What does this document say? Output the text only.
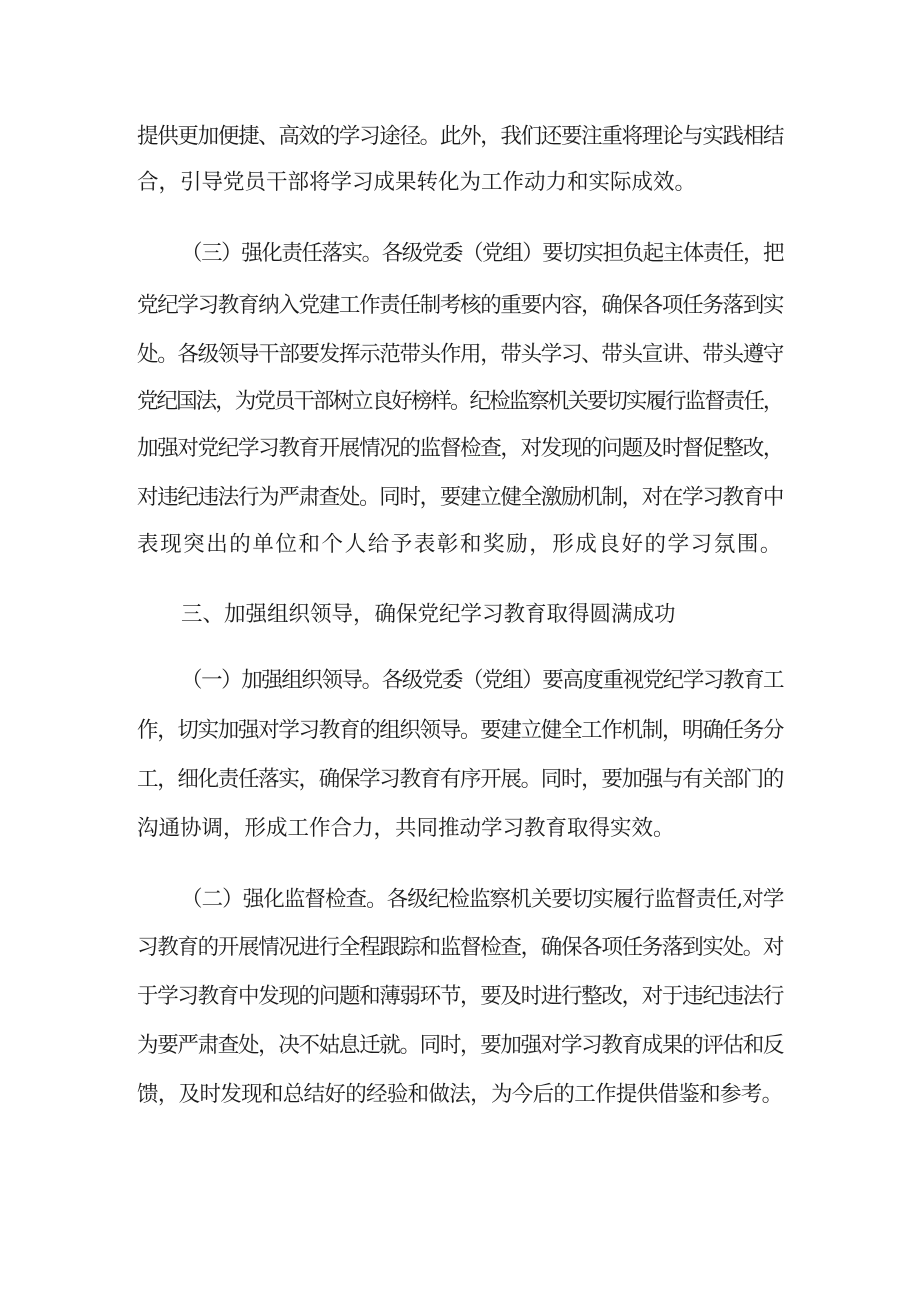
提供更加便捷、高效的学习途径。此外，我们还要注重将理论与实践相结
合，引导党员干部将学习成果转化为工作动力和实际成效。
（三）强化责任落实。各级党委（党组）要切实担负起主体责任，把
党纪学习教育纳入党建工作责任制考核的重要内容，确保各项任务落到实
处。各级领导干部要发挥示范带头作用，带头学习、带头宣讲、带头遵守
党纪国法，为党员干部树立良好榜样。纪检监察机关要切实履行监督责任，
加强对党纪学习教育开展情况的监督检查，对发现的问题及时督促整改，
对违纪违法行为严肃查处。同时，要建立健全激励机制，对在学习教育中
表现突出的单位和个人给予表彰和奖励，形成良好的学习氛围。
三、加强组织领导，确保党纪学习教育取得圆满成功
（一）加强组织领导。各级党委（党组）要高度重视党纪学习教育工
作，切实加强对学习教育的组织领导。要建立健全工作机制，明确任务分
工，细化责任落实，确保学习教育有序开展。同时，要加强与有关部门的
沟通协调，形成工作合力，共同推动学习教育取得实效。
（二）强化监督检查。各级纪检监察机关要切实履行监督责任,对学
习教育的开展情况进行全程跟踪和监督检查，确保各项任务落到实处。对
于学习教育中发现的问题和薄弱环节，要及时进行整改，对于违纪违法行
为要严肃查处，决不姑息迁就。同时，要加强对学习教育成果的评估和反
馈，及时发现和总结好的经验和做法，为今后的工作提供借鉴和参考。
